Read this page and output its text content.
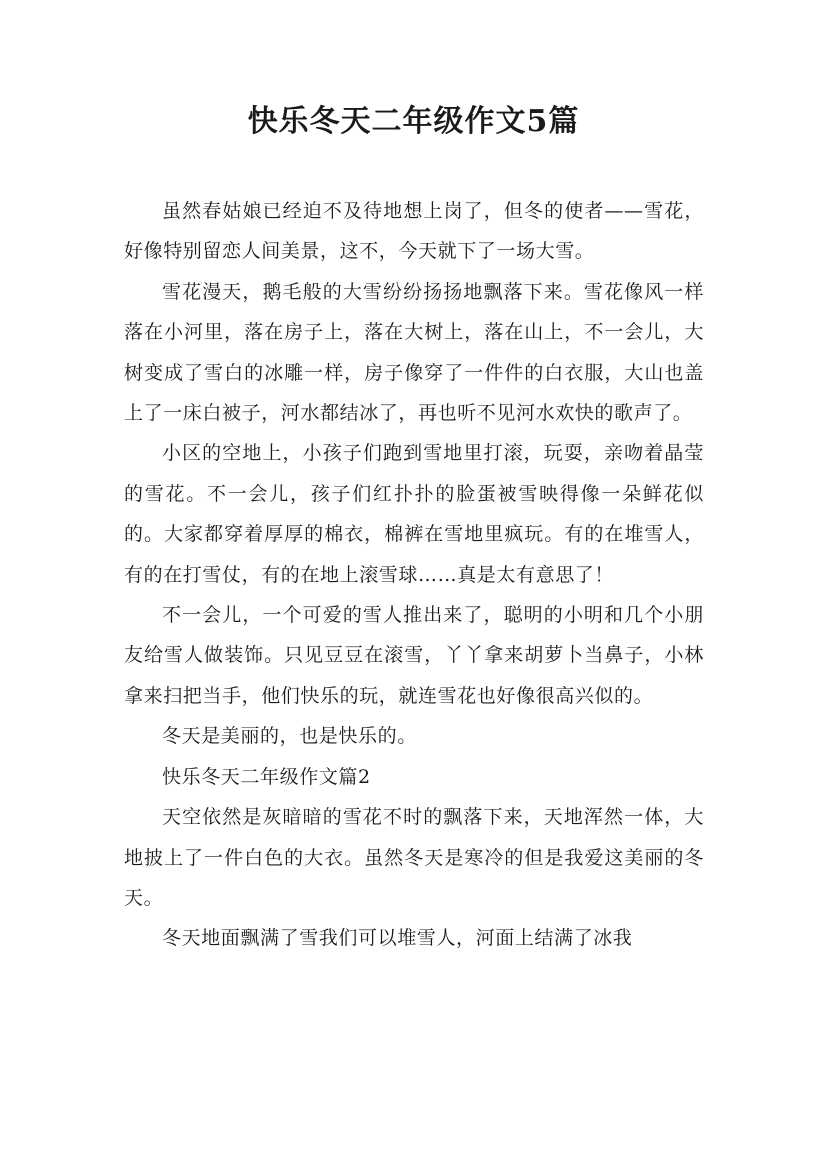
快乐冬天二年级作文5篇

虽然春姑娘已经迫不及待地想上岗了，但冬的使者——雪花，好像特别留恋人间美景，这不，今天就下了一场大雪。

雪花漫天，鹅毛般的大雪纷纷扬扬地飘落下来。雪花像风一样落在小河里，落在房子上，落在大树上，落在山上，不一会儿，大树变成了雪白的冰雕一样，房子像穿了一件件的白衣服，大山也盖上了一床白被子，河水都结冰了，再也听不见河水欢快的歌声了。

小区的空地上，小孩子们跑到雪地里打滚，玩耍，亲吻着晶莹的雪花。不一会儿，孩子们红扑扑的脸蛋被雪映得像一朵鲜花似的。大家都穿着厚厚的棉衣，棉裤在雪地里疯玩。有的在堆雪人，有的在打雪仗，有的在地上滚雪球……真是太有意思了！

不一会儿，一个可爱的雪人推出来了，聪明的小明和几个小朋友给雪人做装饰。只见豆豆在滚雪，丫丫拿来胡萝卜当鼻子，小林拿来扫把当手，他们快乐的玩，就连雪花也好像很高兴似的。

冬天是美丽的，也是快乐的。

快乐冬天二年级作文篇2

天空依然是灰暗暗的雪花不时的飘落下来，天地浑然一体，大地披上了一件白色的大衣。虽然冬天是寒冷的但是我爱这美丽的冬天。

冬天地面飘满了雪我们可以堆雪人，河面上结满了冰我
